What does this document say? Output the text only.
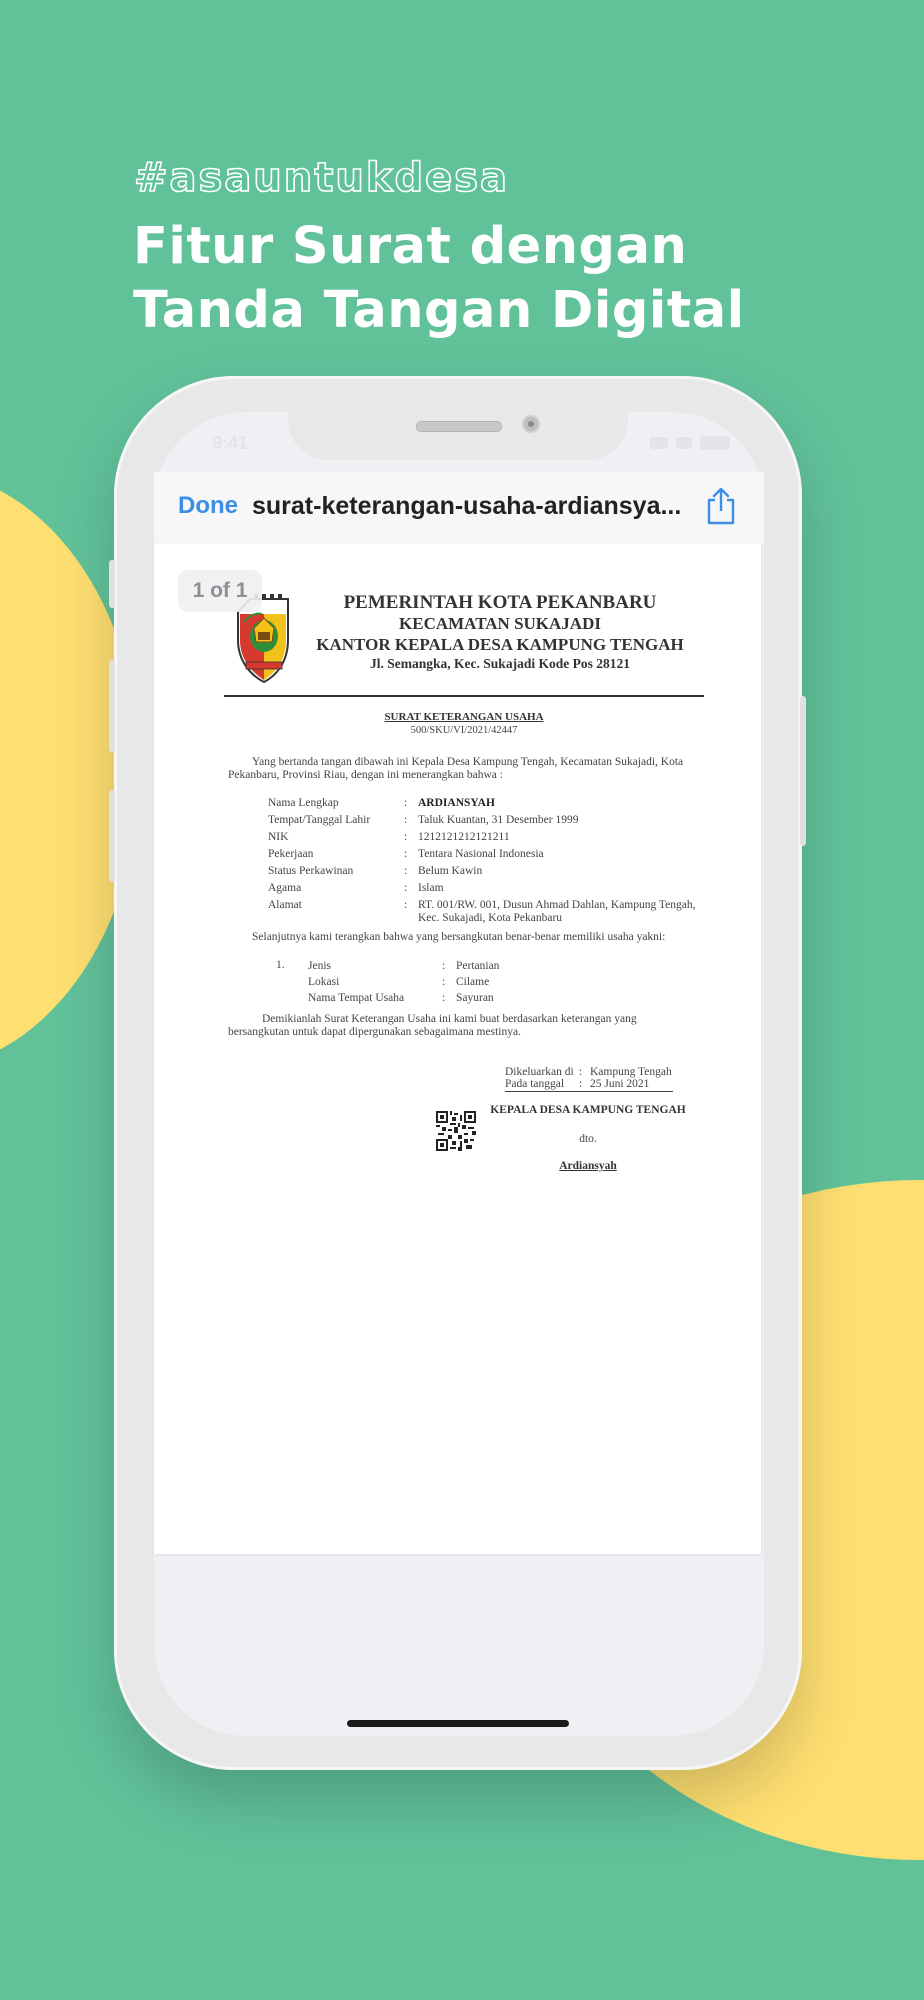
#asauntukdesa
Fitur Surat dengan
Tanda Tangan Digital
9:41
Done surat-keterangan-usaha-ardiansya...
PEMERINTAH KOTA PEKANBARU
KECAMATAN SUKAJADI
KANTOR KEPALA DESA KAMPUNG TENGAH
Jl. Semangka, Kec. Sukajadi Kode Pos 28121
SURAT KETERANGAN USAHA
500/SKU/VI/2021/42447
Yang bertanda tangan dibawah ini Kepala Desa Kampung Tengah, Kecamatan Sukajadi, Kota
Pekanbaru, Provinsi Riau, dengan ini menerangkan bahwa :
Nama Lengkap	: ARDIANSYAH
Tempat/Tanggal Lahir	: Taluk Kuantan, 31 Desember 1999
NIK	: 1212121212121211
Pekerjaan	: Tentara Nasional Indonesia
Status Perkawinan	: Belum Kawin
Agama	: Islam
Alamat	: RT. 001/RW. 001, Dusun Ahmad Dahlan, Kampung Tengah,
Kec. Sukajadi, Kota Pekanbaru
Selanjutnya kami terangkan bahwa yang bersangkutan benar-benar memiliki usaha yakni:
1. Jenis	: Pertanian
Lokasi	: Cilame
Nama Tempat Usaha	: Sayuran
Demikianlah Surat Keterangan Usaha ini kami buat berdasarkan keterangan yang
bersangkutan untuk dapat dipergunakan sebagaimana mestinya.
Dikeluarkan di : Kampung Tengah
Pada tanggal : 25 Juni 2021
KEPALA DESA KAMPUNG TENGAH
dto.
Ardiansyah
1 of 1
